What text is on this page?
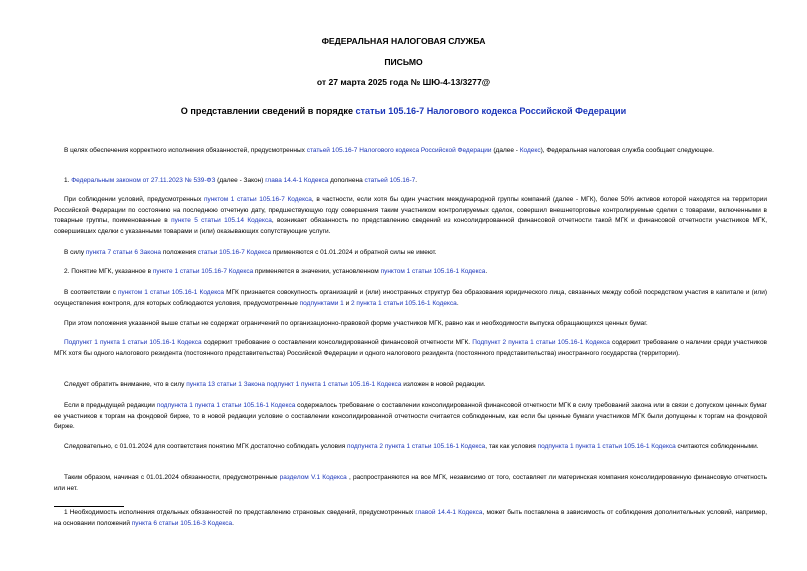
ФЕДЕРАЛЬНАЯ НАЛОГОВАЯ СЛУЖБА

ПИСЬМО

от 27 марта 2025 года № ШЮ-4-13/3277@

О представлении сведений в порядке статьи 105.16-7 Налогового кодекса Российской Федерации

В целях обеспечения корректного исполнения обязанностей, предусмотренных статьей 105.16-7 Налогового кодекса Российской Федерации (далее - Кодекс), Федеральная налоговая служба сообщает следующее.

1. Федеральным законом от 27.11.2023 № 539-ФЗ (далее - Закон) глава 14.4-1 Кодекса дополнена статьей 105.16-7.

При соблюдении условий, предусмотренных пунктом 1 статьи 105.16-7 Кодекса, в частности, если хотя бы один участник международной группы компаний (далее - МГК), более 50% активов которой находятся на территории Российской Федерации по состоянию на последнюю отчетную дату, предшествующую году совершения таким участником контролируемых сделок, совершил внешнеторговые контролируемые сделки с товарами, включенными в товарные группы, поименованные в пункте 5 статьи 105.14 Кодекса, возникает обязанность по представлению сведений из консолидированной финансовой отчетности такой МГК и финансовой отчетности участников МГК, совершивших сделки с указанными товарами и (или) оказывающих сопутствующие услуги.

В силу пункта 7 статьи 6 Закона положения статьи 105.16-7 Кодекса применяются с 01.01.2024 и обратной силы не имеют.

2. Понятие МГК, указанное в пункте 1 статьи 105.16-7 Кодекса применяется в значении, установленном пунктом 1 статьи 105.16-1 Кодекса.

В соответствии с пунктом 1 статьи 105.16-1 Кодекса МГК признается совокупность организаций и (или) иностранных структур без образования юридического лица, связанных между собой посредством участия в капитале и (или) осуществления контроля, для которых соблюдаются условия, предусмотренные подпунктами 1 и 2 пункта 1 статьи 105.16-1 Кодекса.

При этом положения указанной выше статьи не содержат ограничений по организационно-правовой форме участников МГК, равно как и необходимости выпуска обращающихся ценных бумаг.

Подпункт 1 пункта 1 статьи 105.16-1 Кодекса содержит требование о составлении консолидированной финансовой отчетности МГК. Подпункт 2 пункта 1 статьи 105.16-1 Кодекса содержит требование о наличии среди участников МГК хотя бы одного налогового резидента (постоянного представительства) Российской Федерации и одного налогового резидента (постоянного представительства) иностранного государства (территории).

Следует обратить внимание, что в силу пункта 13 статьи 1 Закона подпункт 1 пункта 1 статьи 105.16-1 Кодекса изложен в новой редакции.

Если в предыдущей редакции подпункта 1 пункта 1 статьи 105.16-1 Кодекса содержалось требование о составлении консолидированной финансовой отчетности МГК в силу требований закона или в связи с допуском ценных бумаг ее участников к торгам на фондовой бирже, то в новой редакции условие о составлении консолидированной отчетности считается соблюденным, как если бы ценные бумаги участников МГК были допущены к торгам на фондовой бирже.

Следовательно, с 01.01.2024 для соответствия понятию МГК достаточно соблюдать условия подпункта 2 пункта 1 статьи 105.16-1 Кодекса, так как условия подпункта 1 пункта 1 статьи 105.16-1 Кодекса считаются соблюденными.

Таким образом, начиная с 01.01.2024 обязанности, предусмотренные разделом V.1 Кодекса , распространяются на все МГК, независимо от того, составляет ли материнская компания консолидированную финансовую отчетность или нет.

1 Необходимость исполнения отдельных обязанностей по представлению страновых сведений, предусмотренных главой 14.4-1 Кодекса, может быть поставлена в зависимость от соблюдения дополнительных условий, например, на основании положений пункта 6 статьи 105.16-3 Кодекса.
